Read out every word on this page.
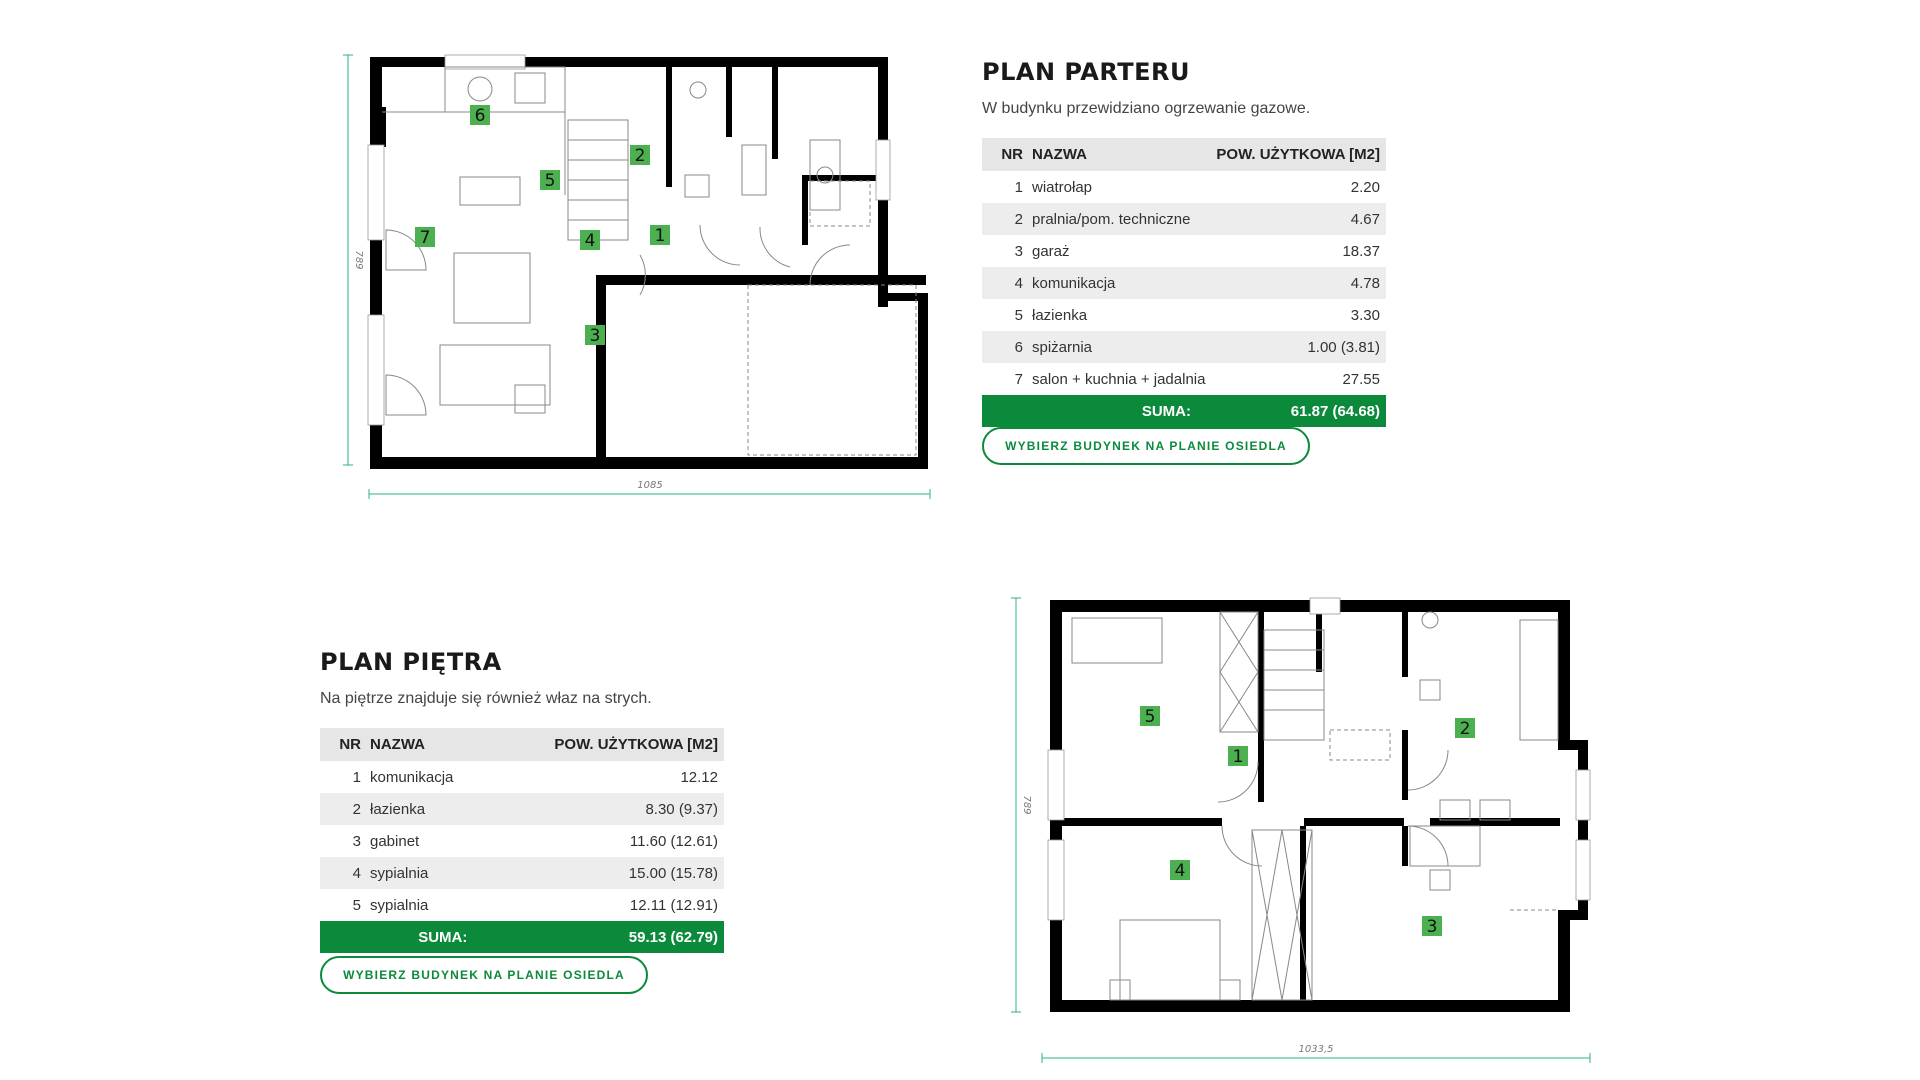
789
1085
1
2
3
4
5
6
7
PLAN PARTERU

W budynku przewidziano ogrzewanie gazowe.

NR	NAZWA	POW. UŻYTKOWA [M2]
1	wiatrołap	2.20
2	pralnia/pom. techniczne	4.67
3	garaż	18.37
4	komunikacja	4.78
5	łazienka	3.30
6	spiżarnia	1.00 (3.81)
7	salon + kuchnia + jadalnia	27.55
	SUMA:	61.87 (64.68)
WYBIERZ BUDYNEK NA PLANIE OSIEDLA
PLAN PIĘTRA

Na piętrze znajduje się również właz na strych.

NR	NAZWA	POW. UŻYTKOWA [M2]
1	komunikacja	12.12
2	łazienka	8.30 (9.37)
3	gabinet	11.60 (12.61)
4	sypialnia	15.00 (15.78)
5	sypialnia	12.11 (12.91)
	SUMA:	59.13 (62.79)
WYBIERZ BUDYNEK NA PLANIE OSIEDLA
789
1033,5
1
2
3
4
5
